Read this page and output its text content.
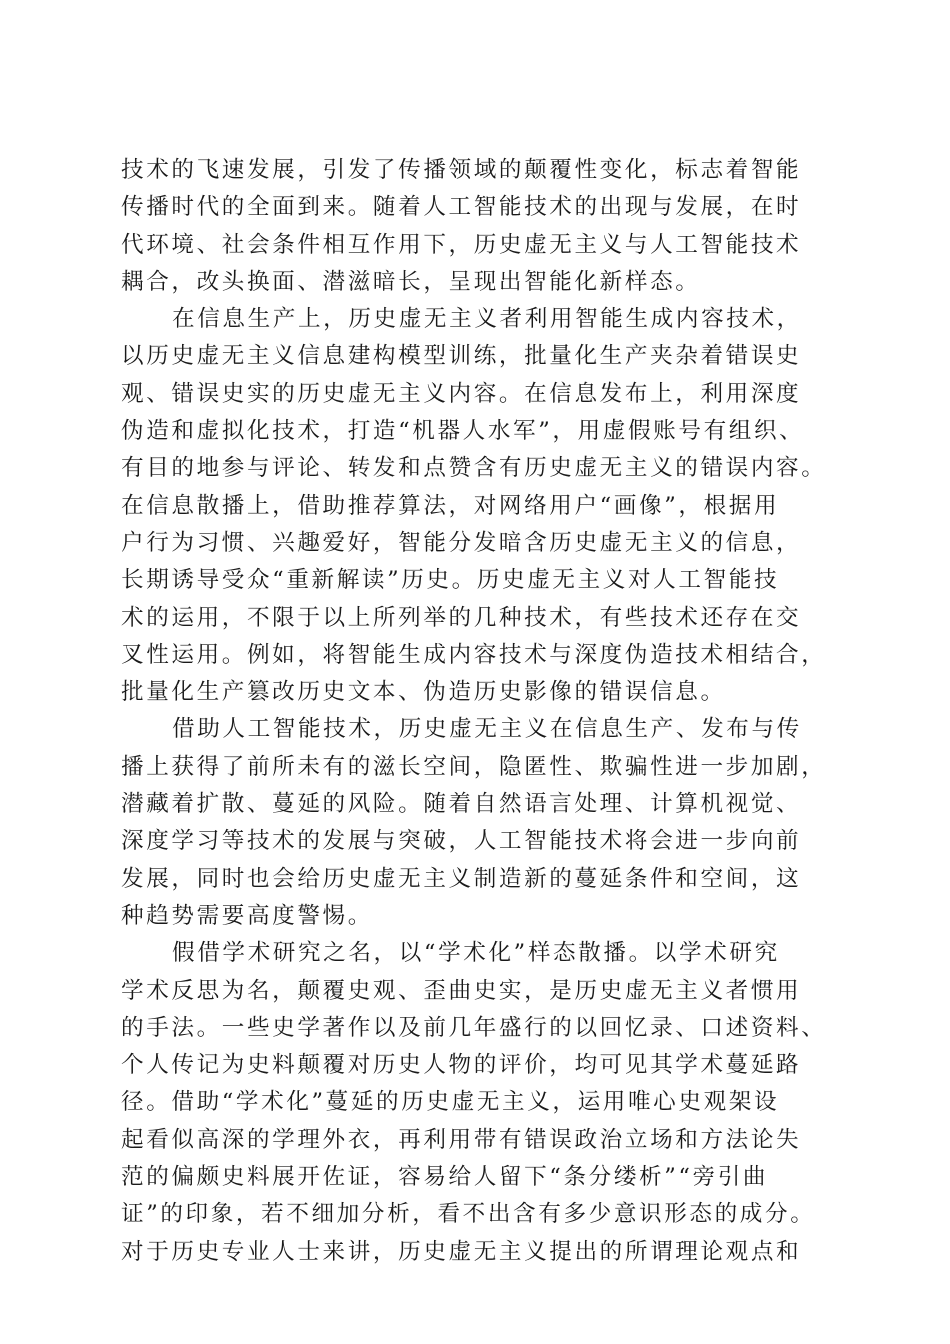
技术的飞速发展，引发了传播领域的颠覆性变化，标志着智能
传播时代的全面到来。随着人工智能技术的出现与发展，在时
代环境、社会条件相互作用下，历史虚无主义与人工智能技术
耦合，改头换面、潜滋暗长，呈现出智能化新样态。

在信息生产上，历史虚无主义者利用智能生成内容技术，
以历史虚无主义信息建构模型训练，批量化生产夹杂着错误史
观、错误史实的历史虚无主义内容。在信息发布上，利用深度
伪造和虚拟化技术，打造“机器人水军”，用虚假账号有组织、
有目的地参与评论、转发和点赞含有历史虚无主义的错误内容。
在信息散播上，借助推荐算法，对网络用户“画像”，根据用
户行为习惯、兴趣爱好，智能分发暗含历史虚无主义的信息，
长期诱导受众“重新解读”历史。历史虚无主义对人工智能技
术的运用，不限于以上所列举的几种技术，有些技术还存在交
叉性运用。例如，将智能生成内容技术与深度伪造技术相结合，
批量化生产篡改历史文本、伪造历史影像的错误信息。

借助人工智能技术，历史虚无主义在信息生产、发布与传
播上获得了前所未有的滋长空间，隐匿性、欺骗性进一步加剧，
潜藏着扩散、蔓延的风险。随着自然语言处理、计算机视觉、
深度学习等技术的发展与突破，人工智能技术将会进一步向前
发展，同时也会给历史虚无主义制造新的蔓延条件和空间，这
种趋势需要高度警惕。

假借学术研究之名，以“学术化”样态散播。以学术研究
学术反思为名，颠覆史观、歪曲史实，是历史虚无主义者惯用
的手法。一些史学著作以及前几年盛行的以回忆录、口述资料、
个人传记为史料颠覆对历史人物的评价，均可见其学术蔓延路
径。借助“学术化”蔓延的历史虚无主义，运用唯心史观架设
起看似高深的学理外衣，再利用带有错误政治立场和方法论失
范的偏颇史料展开佐证，容易给人留下“条分缕析”“旁引曲
证”的印象，若不细加分析，看不出含有多少意识形态的成分。
对于历史专业人士来讲，历史虚无主义提出的所谓理论观点和
